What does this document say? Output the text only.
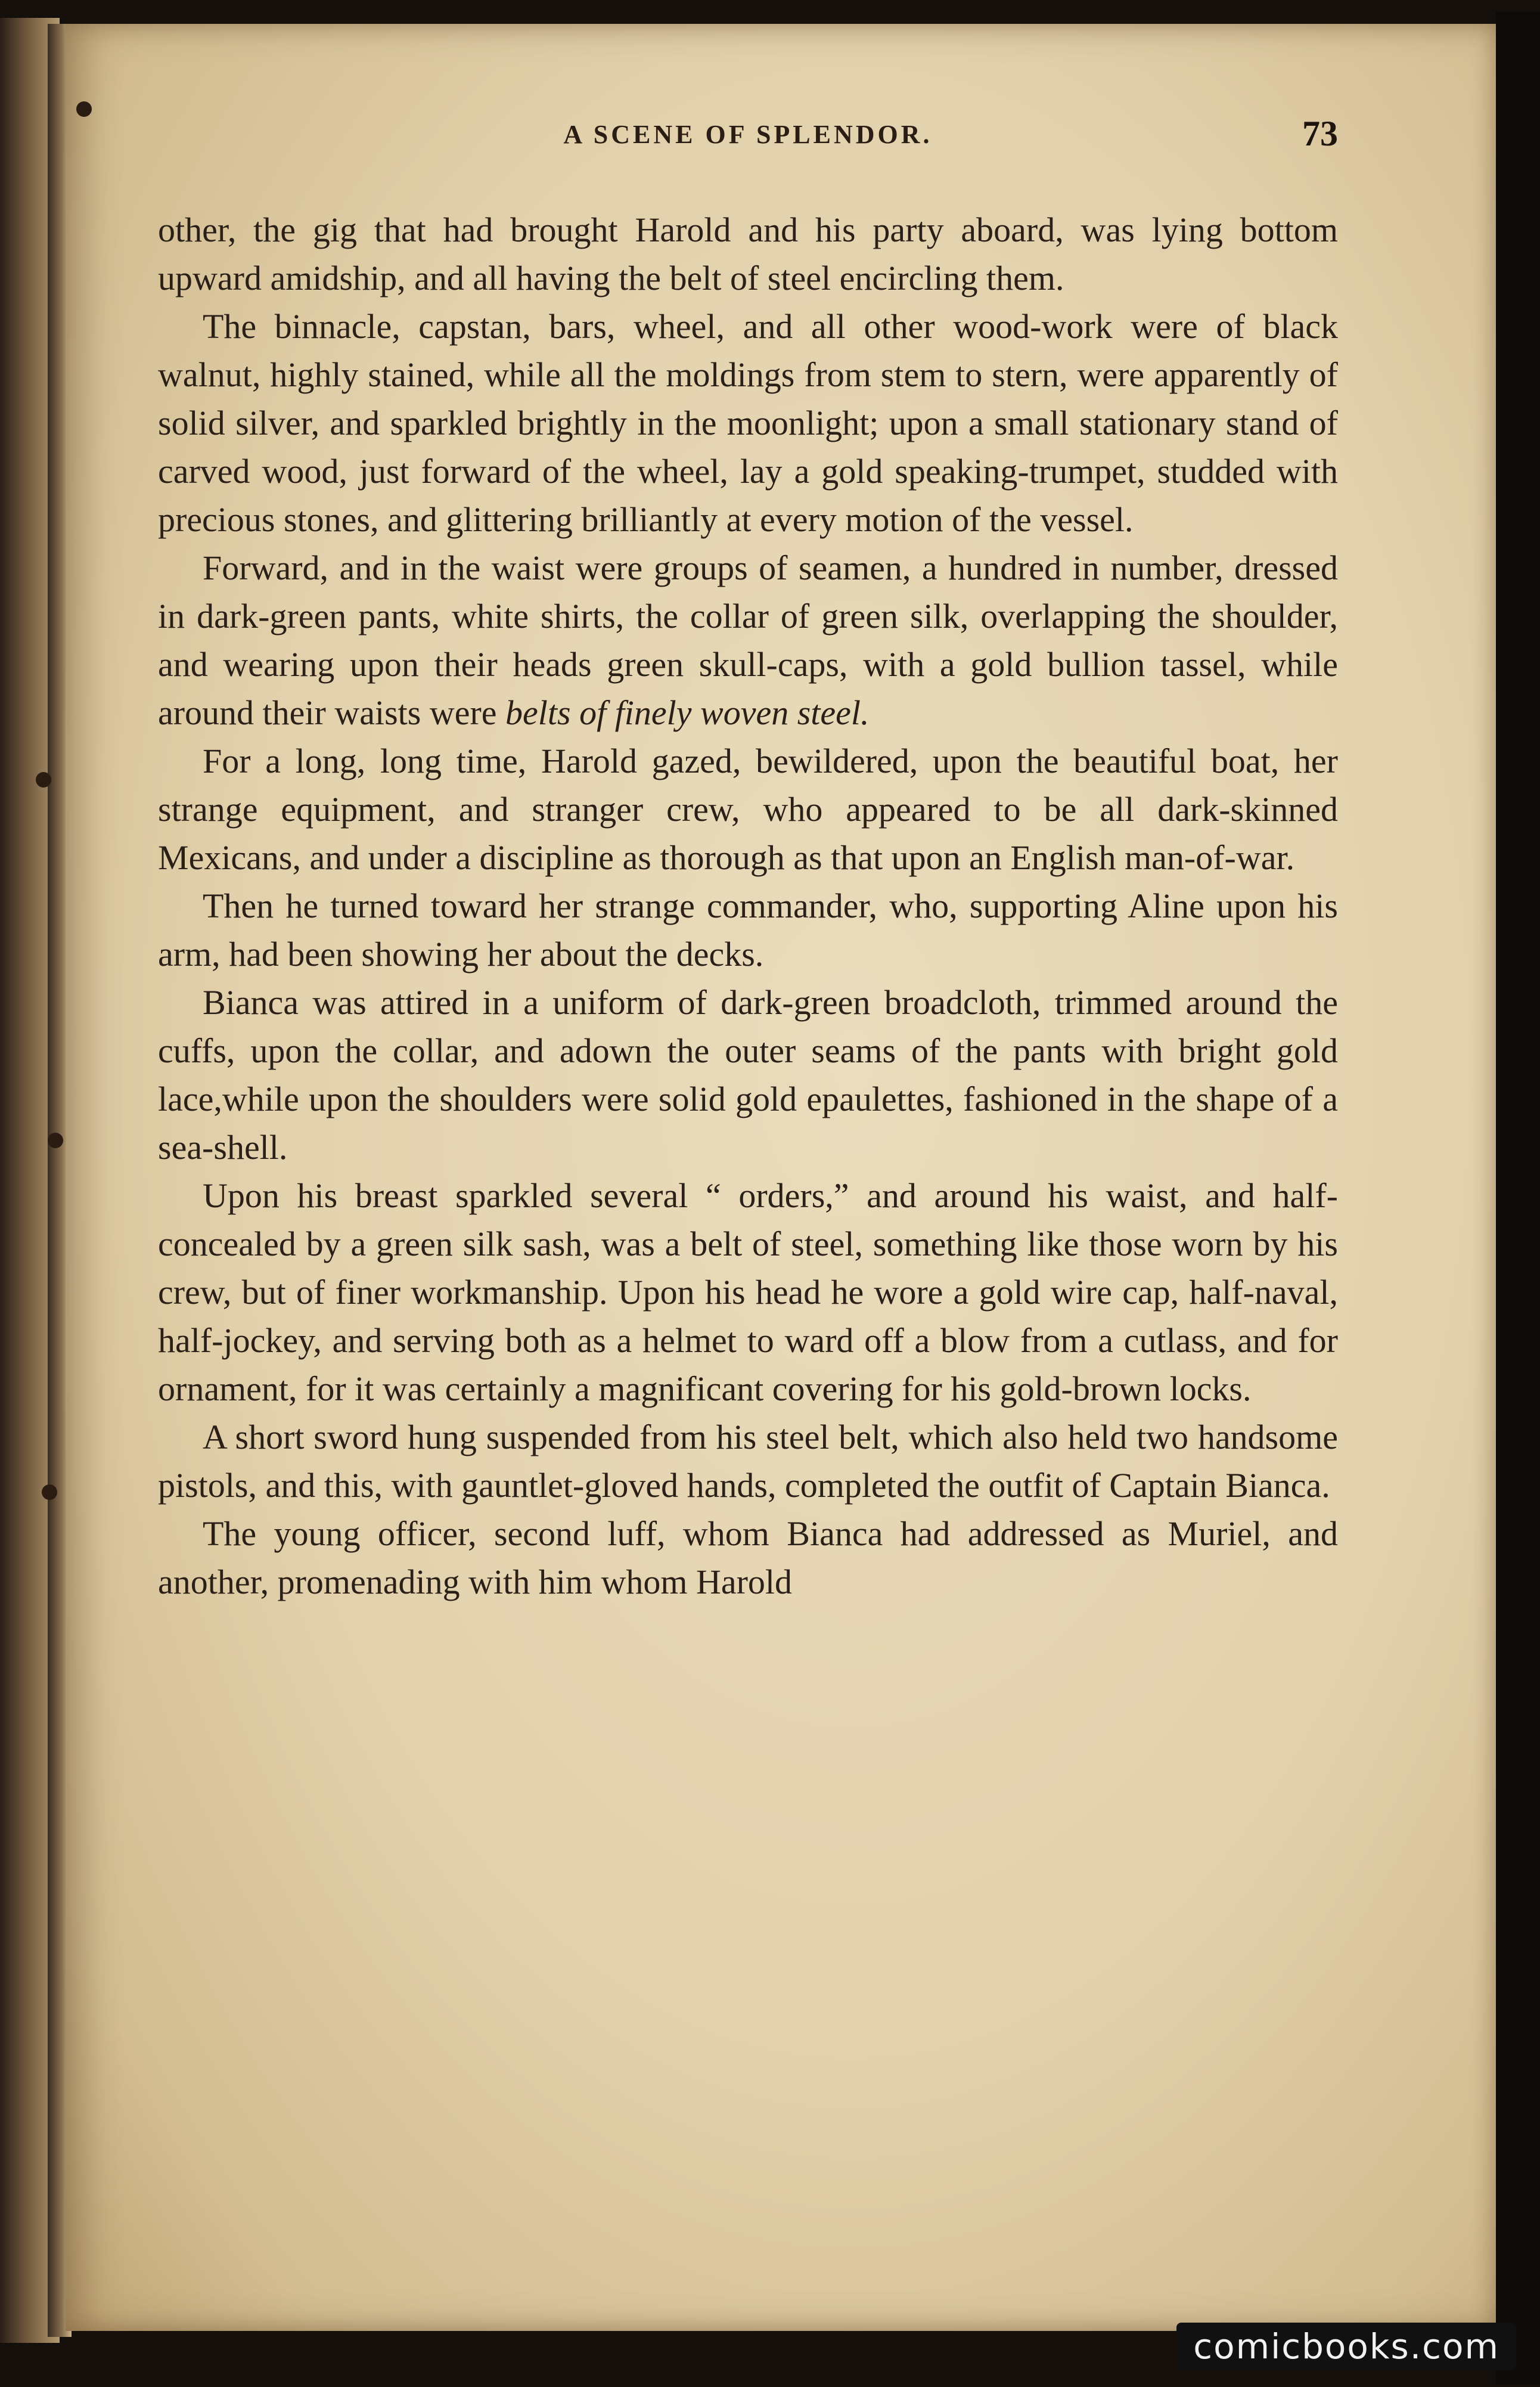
A SCENE OF SPLENDOR.	73

other, the gig that had brought Harold and his party aboard, was lying bottom upward amidship, and all having the belt of steel encircling them.

The binnacle, capstan, bars, wheel, and all other wood-work were of black walnut, highly stained, while all the moldings from stem to stern, were apparently of solid silver, and sparkled brightly in the moonlight; upon a small stationary stand of carved wood, just forward of the wheel, lay a gold speaking-trumpet, studded with precious stones, and glittering brilliantly at every motion of the vessel.

Forward, and in the waist were groups of seamen, a hundred in number, dressed in dark-green pants, white shirts, the collar of green silk, overlapping the shoulder, and wearing upon their heads green skull-caps, with a gold bullion tassel, while around their waists were belts of finely woven steel.

For a long, long time, Harold gazed, bewildered, upon the beautiful boat, her strange equipment, and stranger crew, who appeared to be all dark-skinned Mexicans, and under a discipline as thorough as that upon an English man-of-war.

Then he turned toward her strange commander, who, supporting Aline upon his arm, had been showing her about the decks.

Bianca was attired in a uniform of dark-green broadcloth, trimmed around the cuffs, upon the collar, and adown the outer seams of the pants with bright gold lace,while upon the shoulders were solid gold epaulettes, fashioned in the shape of a sea-shell.

Upon his breast sparkled several “ orders,” and around his waist, and half-concealed by a green silk sash, was a belt of steel, something like those worn by his crew, but of finer workmanship. Upon his head he wore a gold wire cap, half-naval, half-jockey, and serving both as a helmet to ward off a blow from a cutlass, and for ornament, for it was certainly a magnificant covering for his gold-brown locks.

A short sword hung suspended from his steel belt, which also held two handsome pistols, and this, with gauntlet-gloved hands, completed the outfit of Captain Bianca.

The young officer, second luff, whom Bianca had addressed as Muriel, and another, promenading with him whom Harold

comicbooks.com
